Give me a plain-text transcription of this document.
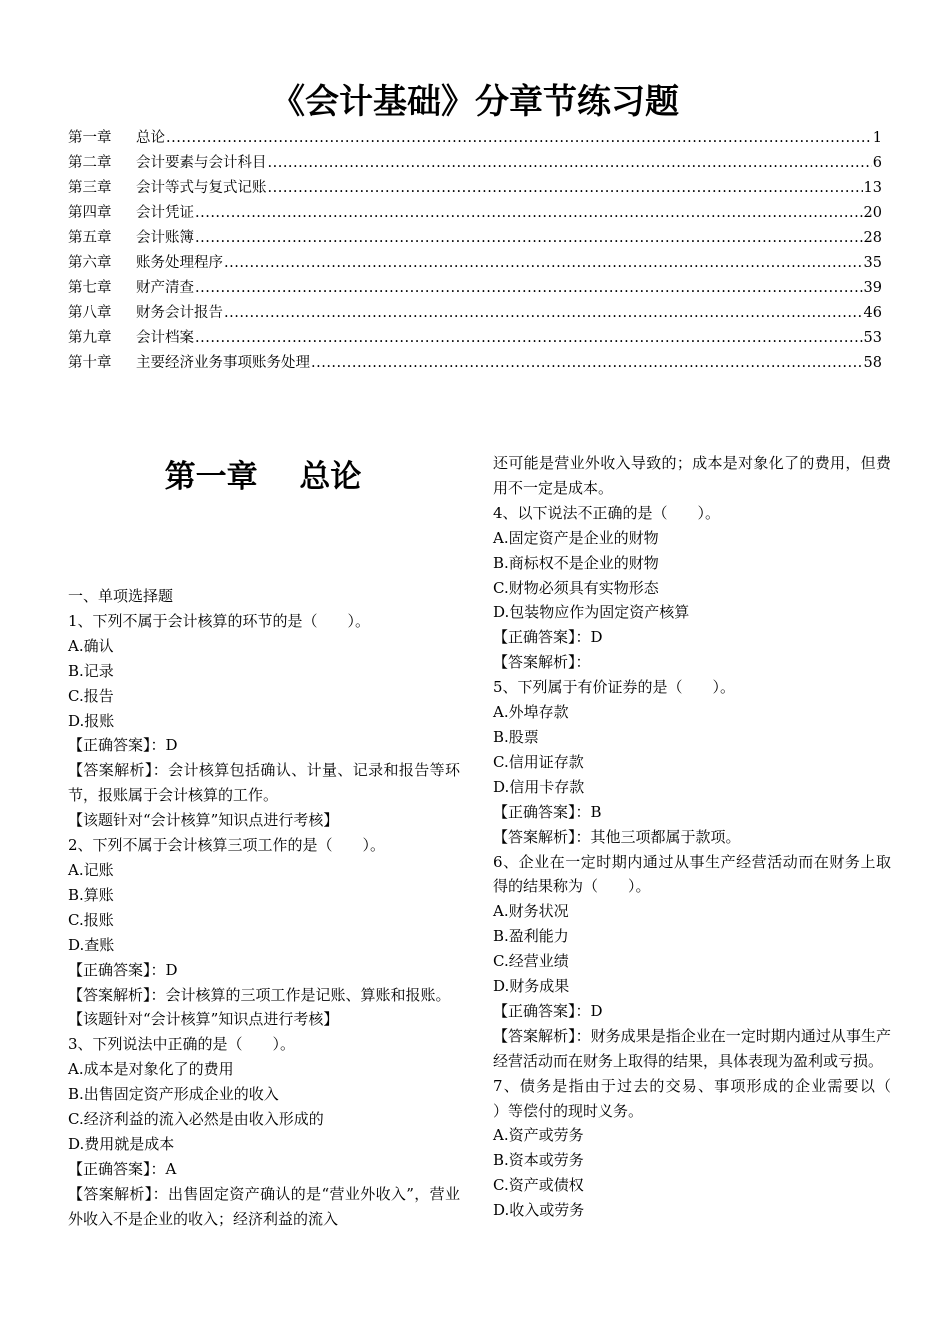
《会计基础》分章节练习题
第一章	总论 .....	1
第二章	会计要素与会计科目 .....	6
第三章	会计等式与复式记账 .....	13
第四章	会计凭证 .....	20
第五章	会计账簿 .....	28
第六章	账务处理程序 .....	35
第七章	财产清查 .....	39
第八章	财务会计报告 .....	46
第九章	会计档案 .....	53
第十章	主要经济业务事项账务处理 .....	58
第一章　 总论
一、单项选择题
1、下列不属于会计核算的环节的是（　　）。
A.确认
B.记录
C.报告
D.报账
【正确答案】：D
【答案解析】：会计核算包括确认、计量、记录和报告等环节，报账属于会计核算的工作。
【该题针对“会计核算”知识点进行考核】
2、下列不属于会计核算三项工作的是（　　）。
A.记账
B.算账
C.报账
D.查账
【正确答案】：D
【答案解析】：会计核算的三项工作是记账、算账和报账。
【该题针对“会计核算”知识点进行考核】
3、下列说法中正确的是（　　）。
A.成本是对象化了的费用
B.出售固定资产形成企业的收入
C.经济利益的流入必然是由收入形成的
D.费用就是成本
【正确答案】：A
【答案解析】：出售固定资产确认的是“营业外收入”，营业外收入不是企业的收入；经济利益的流入
还可能是营业外收入导致的；成本是对象化了的费用，但费用不一定是成本。
4、以下说法不正确的是（　　）。
A.固定资产是企业的财物
B.商标权不是企业的财物
C.财物必须具有实物形态
D.包装物应作为固定资产核算
【正确答案】：D
【答案解析】：
5、下列属于有价证券的是（　　）。
A.外埠存款
B.股票
C.信用证存款
D.信用卡存款
【正确答案】：B
【答案解析】：其他三项都属于款项。
6、企业在一定时期内通过从事生产经营活动而在财务上取得的结果称为（　　）。
A.财务状况
B.盈利能力
C.经营业绩
D.财务成果
【正确答案】：D
【答案解析】：财务成果是指企业在一定时期内通过从事生产经营活动而在财务上取得的结果，具体表现为盈利或亏损。
7、债务是指由于过去的交易、事项形成的企业需要以（　　）等偿付的现时义务。
A.资产或劳务
B.资本或劳务
C.资产或债权
D.收入或劳务
